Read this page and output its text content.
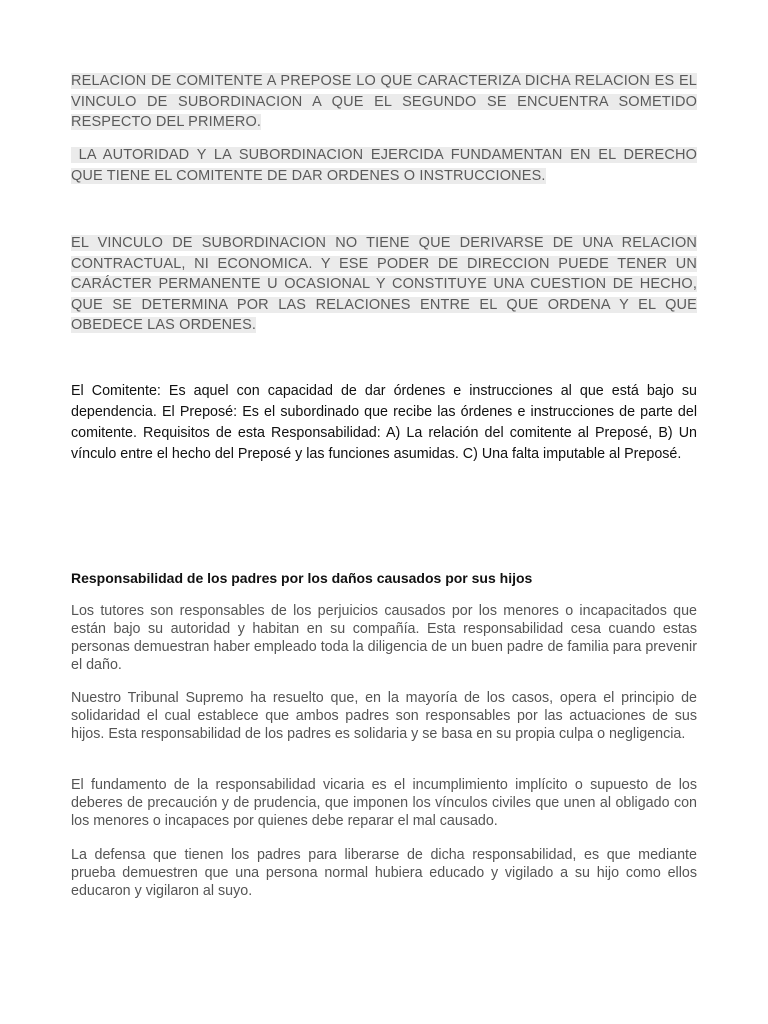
RELACION DE COMITENTE A PREPOSE LO QUE CARACTERIZA DICHA RELACION ES EL VINCULO DE SUBORDINACION A QUE EL SEGUNDO SE ENCUENTRA SOMETIDO RESPECTO DEL PRIMERO.

LA AUTORIDAD Y LA SUBORDINACION EJERCIDA FUNDAMENTAN EN EL DERECHO QUE TIENE EL COMITENTE DE DAR ORDENES O INSTRUCCIONES.

EL VINCULO DE SUBORDINACION NO TIENE QUE DERIVARSE DE UNA RELACION CONTRACTUAL, NI ECONOMICA. Y ESE PODER DE DIRECCION PUEDE TENER UN CARÁCTER PERMANENTE U OCASIONAL Y CONSTITUYE UNA CUESTION DE HECHO, QUE SE DETERMINA POR LAS RELACIONES ENTRE EL QUE ORDENA Y EL QUE OBEDECE LAS ORDENES.

El Comitente: Es aquel con capacidad de dar órdenes e instrucciones al que está bajo su dependencia. El Preposé: Es el subordinado que recibe las órdenes e instrucciones de parte del comitente. Requisitos de esta Responsabilidad: A) La relación del comitente al Preposé, B) Un vínculo entre el hecho del Preposé y las funciones asumidas. C) Una falta imputable al Preposé.

Responsabilidad de los padres por los daños causados por sus hijos

Los tutores son responsables de los perjuicios causados por los menores o incapacitados que están bajo su autoridad y habitan en su compañía. Esta responsabilidad cesa cuando estas personas demuestran haber empleado toda la diligencia de un buen padre de familia para prevenir el daño.

Nuestro Tribunal Supremo ha resuelto que, en la mayoría de los casos, opera el principio de solidaridad el cual establece que ambos padres son responsables por las actuaciones de sus hijos. Esta responsabilidad de los padres es solidaria y se basa en su propia culpa o negligencia.

El fundamento de la responsabilidad vicaria es el incumplimiento implícito o supuesto de los deberes de precaución y de prudencia, que imponen los vínculos civiles que unen al obligado con los menores o incapaces por quienes debe reparar el mal causado.

La defensa que tienen los padres para liberarse de dicha responsabilidad, es que mediante prueba demuestren que una persona normal hubiera educado y vigilado a su hijo como ellos educaron y vigilaron al suyo.
